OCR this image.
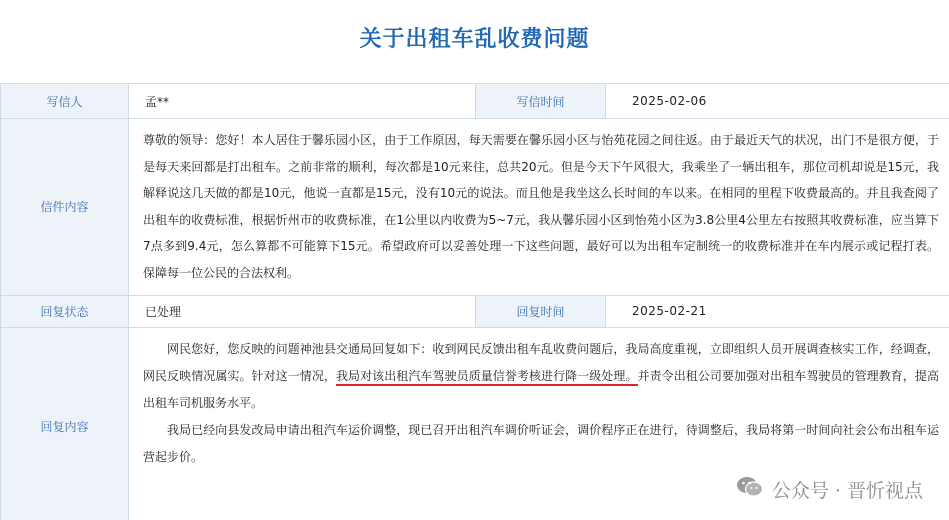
关于出租车乱收费问题
写信人	孟**	写信时间	2025-02-06
信件内容	尊敬的领导：您好！本人居住于馨乐园小区，由于工作原因，每天需要在馨乐园小区与怡苑花园之间往返。由于最近天气的状况，出门不是很方便，于是每天来回都是打出租车。之前非常的顺利，每次都是10元来往，总共20元。但是今天下午风很大，我乘坐了一辆出租车，那位司机却说是15元，我解释说这几天做的都是10元，他说一直都是15元，没有10元的说法。而且他是我坐这么长时间的车以来。在相同的里程下收费最高的。并且我查阅了出租车的收费标准，根据忻州市的收费标准，在1公里以内收费为5~7元，我从馨乐园小区到怡苑小区为3.8公里4公里左右按照其收费标准，应当算下7点多到9.4元，怎么算都不可能算下15元。希望政府可以妥善处理一下这些问题，最好可以为出租车定制统一的收费标准并在车内展示或记程打表。保障每一位公民的合法权利。		
回复状态	已处理	回复时间	2025-02-21
回复内容	网民您好，您反映的问题神池县交通局回复如下：收到网民反馈出租车乱收费问题后，我局高度重视，立即组织人员开展调查核实工作，经调查，网民反映情况属实。针对这一情况，我局对该出租汽车驾驶员质量信誉考核进行降一级处理。并责令出租公司要加强对出租车驾驶员的管理教育，提高出租车司机服务水平。
我局已经向县发改局申请出租汽车运价调整，现已召开出租汽车调价听证会，调价程序正在进行，待调整后，我局将第一时间向社会公布出租车运营起步价。		
公众号 · 晋忻视点
